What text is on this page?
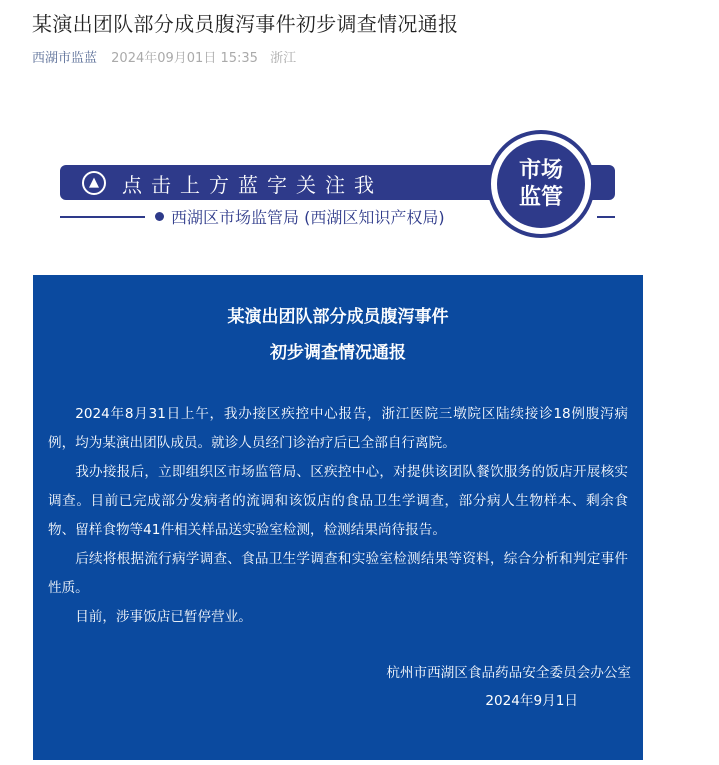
某演出团队部分成员腹泻事件初步调查情况通报
西湖市监蓝 2024年09月01日 15:35 浙江
▲	点击上方蓝字关注我
西湖区市场监管局 (西湖区知识产权局)
市场
监管
某演出团队部分成员腹泻事件
初步调查情况通报

2024年8月31日上午，我办接区疾控中心报告，浙江医院三墩院区陆续接诊18例腹泻病例，均为某演出团队成员。就诊人员经门诊治疗后已全部自行离院。

我办接报后，立即组织区市场监管局、区疾控中心，对提供该团队餐饮服务的饭店开展核实调查。目前已完成部分发病者的流调和该饭店的食品卫生学调查，部分病人生物样本、剩余食物、留样食物等41件相关样品送实验室检测，检测结果尚待报告。

后续将根据流行病学调查、食品卫生学调查和实验室检测结果等资料，综合分析和判定事件性质。

目前，涉事饭店已暂停营业。

杭州市西湖区食品药品安全委员会办公室
2024年9月1日
